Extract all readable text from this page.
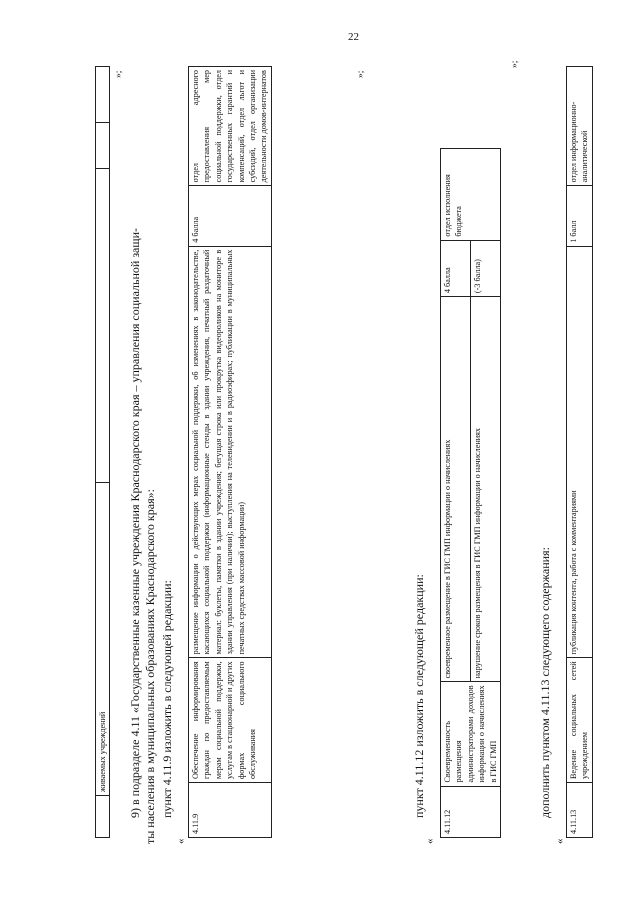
22
	живаемых учреждений			
»;
9) в подразделе 4.11 «Государственные казенные учреждения Краснодарского края – управления социальной защи- ты населения в муниципальных образованиях Краснодарского края»: пункт 4.11.9 изложить в следующей редакции:
«
4.11.9	Обеспечение информирования граждан по предоставляемым мерам социальной поддержки, услугам в стационарной и других формах социального обслуживания	размещение информации о действующих мерах социальной поддержки, об изменениях в законодательстве, касающихся социальной поддержки (информационные стенды в здании учреждения, печатный раздаточный материал: буклеты, памятки в здании учреждения; бегущая строка или прокрутка видеороликов на мониторе в здании управления (при наличии); выступления на телевидении и в радиоэфирах; публикации в муниципальных печатных средствах массовой информации)	4 балла	отдел адресного предоставления мер социальной поддержки, отдел государственных гарантий и компенсаций, отдел льгот и субсидий, отдел организации деятельности домов-интернатов	»;
пункт 4.11.12 изложить в следующей редакции:
«
4.11.12	Своевременность размещения администраторами доходов информации о начислениях в ГИС ГМП	своевременное размещение в ГИС ГМП информации о начислениях	4 балла	отдел исполнения бюджета
		нарушение сроков размещения в ГИС ГМП информации о начислениях	(-3 балла)	
»;
дополнить пунктом 4.11.13 следующего содержания:
«
4.11.13	Ведение социальных сетей учреждением	публикация контента, работа с комментариями	1 балл	отдел информационно-аналитической
